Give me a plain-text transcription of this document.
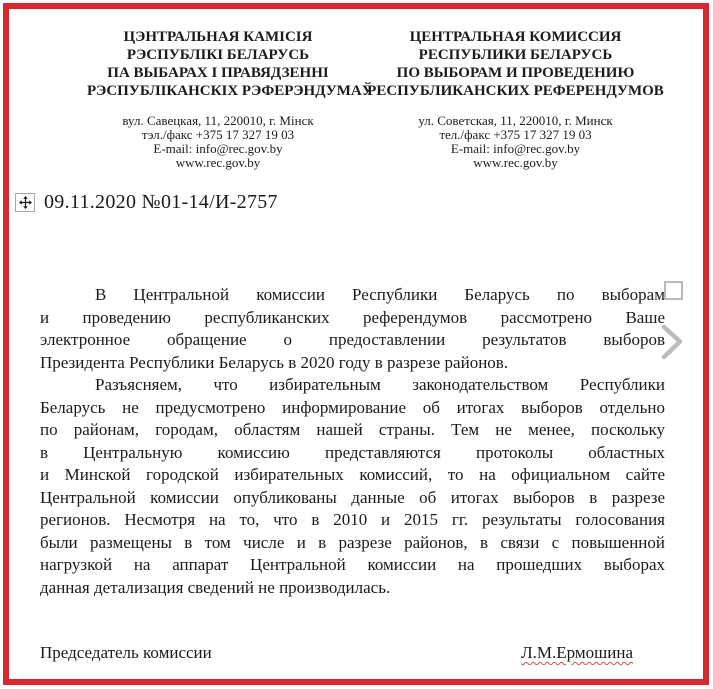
ЦЭНТРАЛЬНАЯ КАМІСІЯ
РЭСПУБЛІКІ БЕЛАРУСЬ
ПА ВЫБАРАХ І ПРАВЯДЗЕННІ
РЭСПУБЛІКАНСКІХ РЭФЕРЭНДУМАЎ
вул. Савецкая, 11, 220010, г. Мінск
тэл./факс +375 17 327 19 03
E-mail: info@rec.gov.by
www.rec.gov.by
ЦЕНТРАЛЬНАЯ КОМИССИЯ
РЕСПУБЛИКИ БЕЛАРУСЬ
ПО ВЫБОРАМ И ПРОВЕДЕНИЮ
РЕСПУБЛИКАНСКИХ РЕФЕРЕНДУМОВ
ул. Советская, 11, 220010, г. Минск
тел./факс +375 17 327 19 03
E-mail: info@rec.gov.by
www.rec.gov.by
09.11.2020 №01-14/И-2757
В Центральной комиссии Республики Беларусь по выборам
и проведению республиканских референдумов рассмотрено Ваше
электронное обращение о предоставлении результатов выборов
Президента Республики Беларусь в 2020 году в разрезе районов.
Разъясняем, что избирательным законодательством Республики
Беларусь не предусмотрено информирование об итогах выборов отдельно
по районам, городам, областям нашей страны. Тем не менее, поскольку
в Центральную комиссию представляются протоколы областных
и Минской городской избирательных комиссий, то на официальном сайте
Центральной комиссии опубликованы данные об итогах выборов в разрезе
регионов. Несмотря на то, что в 2010 и 2015 гг. результаты голосования
были размещены в том числе и в разрезе районов, в связи с повышенной
нагрузкой на аппарат Центральной комиссии на прошедших выборах
данная детализация сведений не производилась.
Председатель комиссии	Л.М.Ермошина
